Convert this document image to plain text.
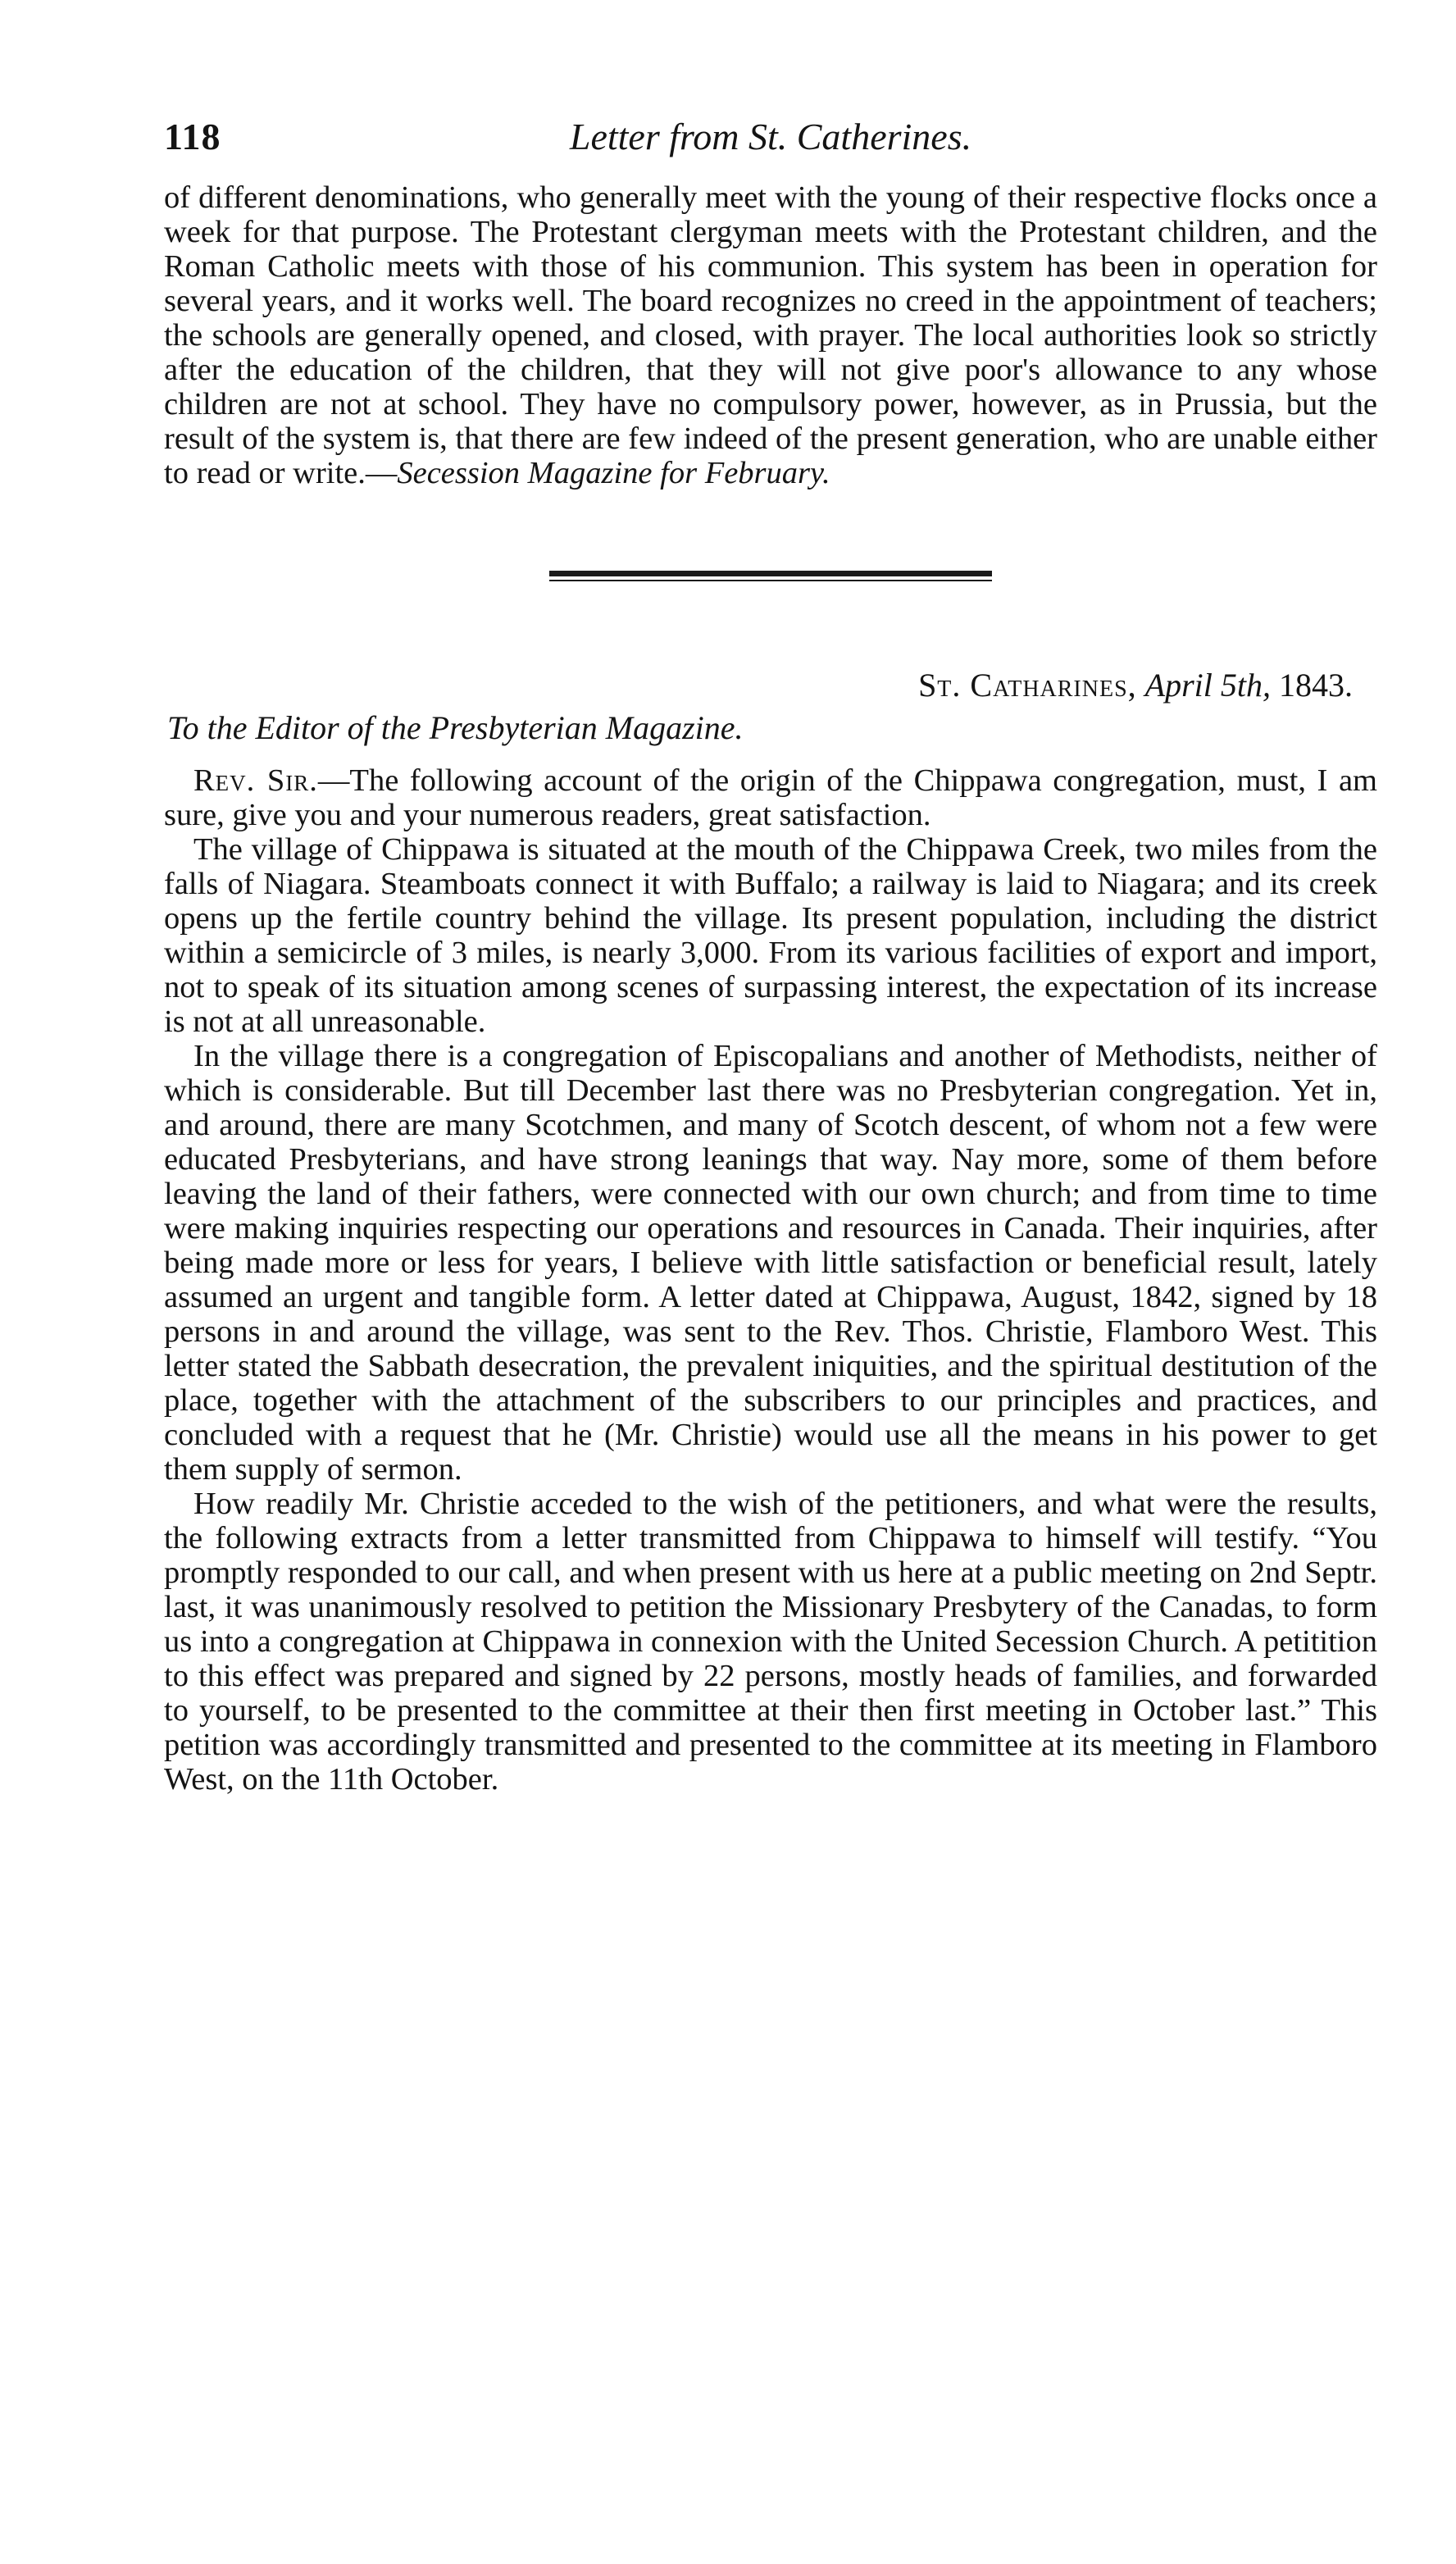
118	Letter from St. Catherines.

of different denominations, who generally meet with the young of their respective flocks once a week for that purpose. The Protestant clergyman meets with the Protestant children, and the Roman Catholic meets with those of his communion. This system has been in operation for several years, and it works well. The board recognizes no creed in the appointment of teachers; the schools are generally opened, and closed, with prayer. The local authorities look so strictly after the education of the children, that they will not give poor's allowance to any whose children are not at school. They have no compulsory power, however, as in Prussia, but the result of the system is, that there are few indeed of the present generation, who are unable either to read or write.—Secession Magazine for February.

St. Catharines, April 5th, 1843.
To the Editor of the Presbyterian Magazine.

Rev. Sir.—The following account of the origin of the Chippawa congregation, must, I am sure, give you and your numerous readers, great satisfaction.

The village of Chippawa is situated at the mouth of the Chippawa Creek, two miles from the falls of Niagara. Steamboats connect it with Buffalo; a railway is laid to Niagara; and its creek opens up the fertile country behind the village. Its present population, including the district within a semicircle of 3 miles, is nearly 3,000. From its various facilities of export and import, not to speak of its situation among scenes of surpassing interest, the expectation of its increase is not at all unreasonable.

In the village there is a congregation of Episcopalians and another of Methodists, neither of which is considerable. But till December last there was no Presbyterian congregation. Yet in, and around, there are many Scotchmen, and many of Scotch descent, of whom not a few were educated Presbyterians, and have strong leanings that way. Nay more, some of them before leaving the land of their fathers, were connected with our own church; and from time to time were making inquiries respecting our operations and resources in Canada. Their inquiries, after being made more or less for years, I believe with little satisfaction or beneficial result, lately assumed an urgent and tangible form. A letter dated at Chippawa, August, 1842, signed by 18 persons in and around the village, was sent to the Rev. Thos. Christie, Flamboro West. This letter stated the Sabbath desecration, the prevalent iniquities, and the spiritual destitution of the place, together with the attachment of the subscribers to our principles and practices, and concluded with a request that he (Mr. Christie) would use all the means in his power to get them supply of sermon.

How readily Mr. Christie acceded to the wish of the petitioners, and what were the results, the following extracts from a letter transmitted from Chippawa to himself will testify. “You promptly responded to our call, and when present with us here at a public meeting on 2nd Septr. last, it was unanimously resolved to petition the Missionary Presbytery of the Canadas, to form us into a congregation at Chippawa in connexion with the United Secession Church. A petitition to this effect was prepared and signed by 22 persons, mostly heads of families, and forwarded to yourself, to be presented to the committee at their then first meeting in October last.” This petition was accordingly transmitted and presented to the committee at its meeting in Flamboro West, on the 11th October.
